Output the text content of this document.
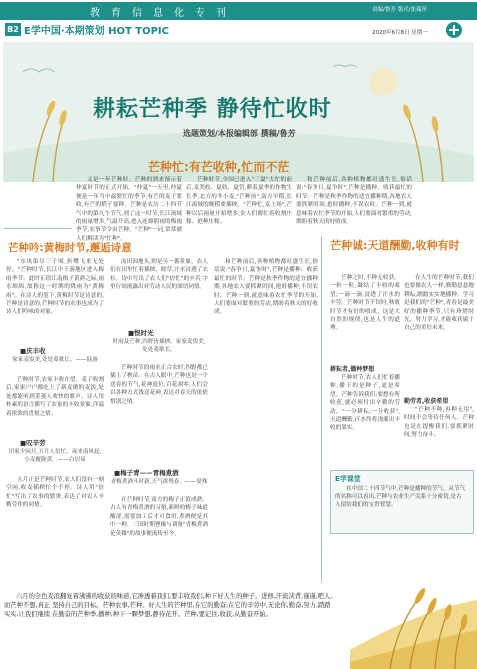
教育信息化专刊	责编/鲁芳 版式/张瑞萍
B2 E学中国·本期策划 HOT TOPIC	2020年6月8日 星期一
耕耘芒种季 静待忙收时
选题策划/本报编辑部 撰稿/鲁芳
芒种忙:有芒收种,忙而不茫
又是一年芒种时。芒种的到来预示着仲夏时节的正式开始。"仲夏"一天里,仲夏便是一年当中最繁忙的季节,有芒的麦子要收,有芒的稻子要种。芒种是农历二十四节气中的第九个节气,到了这一时节,长江流域的雨量增多,气温升高,进入连绵阴雨的梅雨季节,农事节令由芒种。"芒种"一词,常常被人们解读为"忙种"。
芒种时节,全国已进入"三夏"大忙的前后,麦类收、夏收、夏管,耕着夏季的作物生长季,北方的冬小麦,"芒种前",南方早稻,长江流域的晚稻要插秧。"芒种忙,麦上场",芒种以后雨量开始增多,农人们都忙着收割庄稼、抢种庄稼。
和芒种前后,各种植物都旺盛生长,俗话说:"春争日,夏争时",芒种是播种、收获最忙的时节。芒种是秋季作物的适宜播种期,各地农人要抓紧时间,抢时播种,不误农时。芒种一到,就意味着农忙季节的开始,人们要面对繁重的劳动,期盼着秋天的好收成。
芒种吟:黄梅时节,邂逅诗意
"东风染尽三千顷,折鹭飞来无处停。"芒种时节,长江中下游地区进入梅雨季节。此时正值江南梅子黄熟之际,雨水绵绵,故称这一时期的降雨为"黄梅雨"。在诗人的笔下,黄梅时节是诗意的,芒种是诗意的,芒种时节的农事也成为了诗人们吟咏的对象。
■庆丰收
家家麦饭美,处处菱歌长。——陆游
芒种时节,农家丰收在望。麦子收割后,家家户户都吃上了新麦做的麦饭,处处都能听到采菱人欢快的歌声。诗人用朴素的语言描写了农家的丰收景象,洋溢着浓浓的喜悦之情。
■叹辛劳
田家少闲月,五月人倍忙。夜来南风起,小麦覆陇黄。——白居易
五月正是芒种时节,农人们没有一刻空闲,收麦插秧忙个不停。诗人用"倍忙"写出了农事的繁重,表达了对农人辛勤劳作的同情。
而田间地头,则是另一番景象。农人们在田里忙着插秧、除草,汗水浸透了衣衫。诗中写出了农人们"倍忙"的辛苦,字里行间流露出对劳动人民的深切同情。
■恨时光
时雨及芒种,四野皆插秧。家家麦饭美,处处菱歌长。
芒种时节的雨水正合农时,四野都已插上了秧苗。在古人眼中,芒种也是一个送春的节气,花神退位,百花凋零,人们会以各种方式饯送花神,表达对春天的依依惜别之情。
■梅子青——青梅煮酒
青梅煮酒斗时新,天气欲残春。——晏殊
在芒种时节,南方的梅子正值成熟。古人有青梅煮酒的习俗,新鲜的梅子味道酸涩,需要加工后才可食用,煮酒便是其中一种。三国时期曹操与刘备"青梅煮酒论英雄"的故事便流传至今。
和芒种前后,各种植物都旺盛生长,俗话说:"春争日,夏争时",芒种是播种、收获最忙的时节。芒种是秋季作物的适宜播种期,各地农人要抓紧时间,抢时播种,不误农时。芒种一到,就意味着农忙季节的开始,人们要面对繁重的劳动,期盼着秋天的好收成。
芒种诚:天道酬勤,收种有时
芒种之时,不种无收获。一粒一粒,凝结了丰收的希望;一滴一滴,浸透了汗水的辛劳。芒种时节不误时,秋收时节才有好的收成。这是大自然的规律,也是人生的道理。
耕耘者,播种梦想
芒种时节,农人们忙着播种,播下的是种子,更是希望。芒种告诉我们:要想有所收获,就必须付出辛勤的劳动。"一分耕耘,一分收获",天道酬勤,汗水终将浇灌出丰收的果实。
在人生的芒种时节,我们也要像农人一样,勤勤恳恳地耕耘,踏踏实实地播种。学习是我们的"芒种",青春是最美好的播种季节,只有珍惜时光、努力学习,才能收获属于自己的美好未来。
勤劳者,收获希望
"芒种不种,再种无用",时间不会等待任何人。芒种也是在提醒我们,要抓紧时间,努力奋斗。
E学课堂
在中国二十四节气中,芒种是播种的节气。从节气的名称可以看出,芒种与农业生产关系十分密切,是古人留给我们的宝贵智慧。
六月的全色麦浪翻复着沸沸的收获的味道,它渗透着我们,要丰收我们,种下好人生的种子。进修,汗流浃背,谨谨,吧人,而芒种不想,真正 坚持自己的目标。芒种农事,芒种。好人生的芒种里,在它的勤奋,在它的辛劳中,无论你,勤奋,努力,踏踏实实,让我们继续 在勤奋的芒种季,播种,种下一颗梦想,静待花开。芒种,要记住,收获,从勤奋开始。
